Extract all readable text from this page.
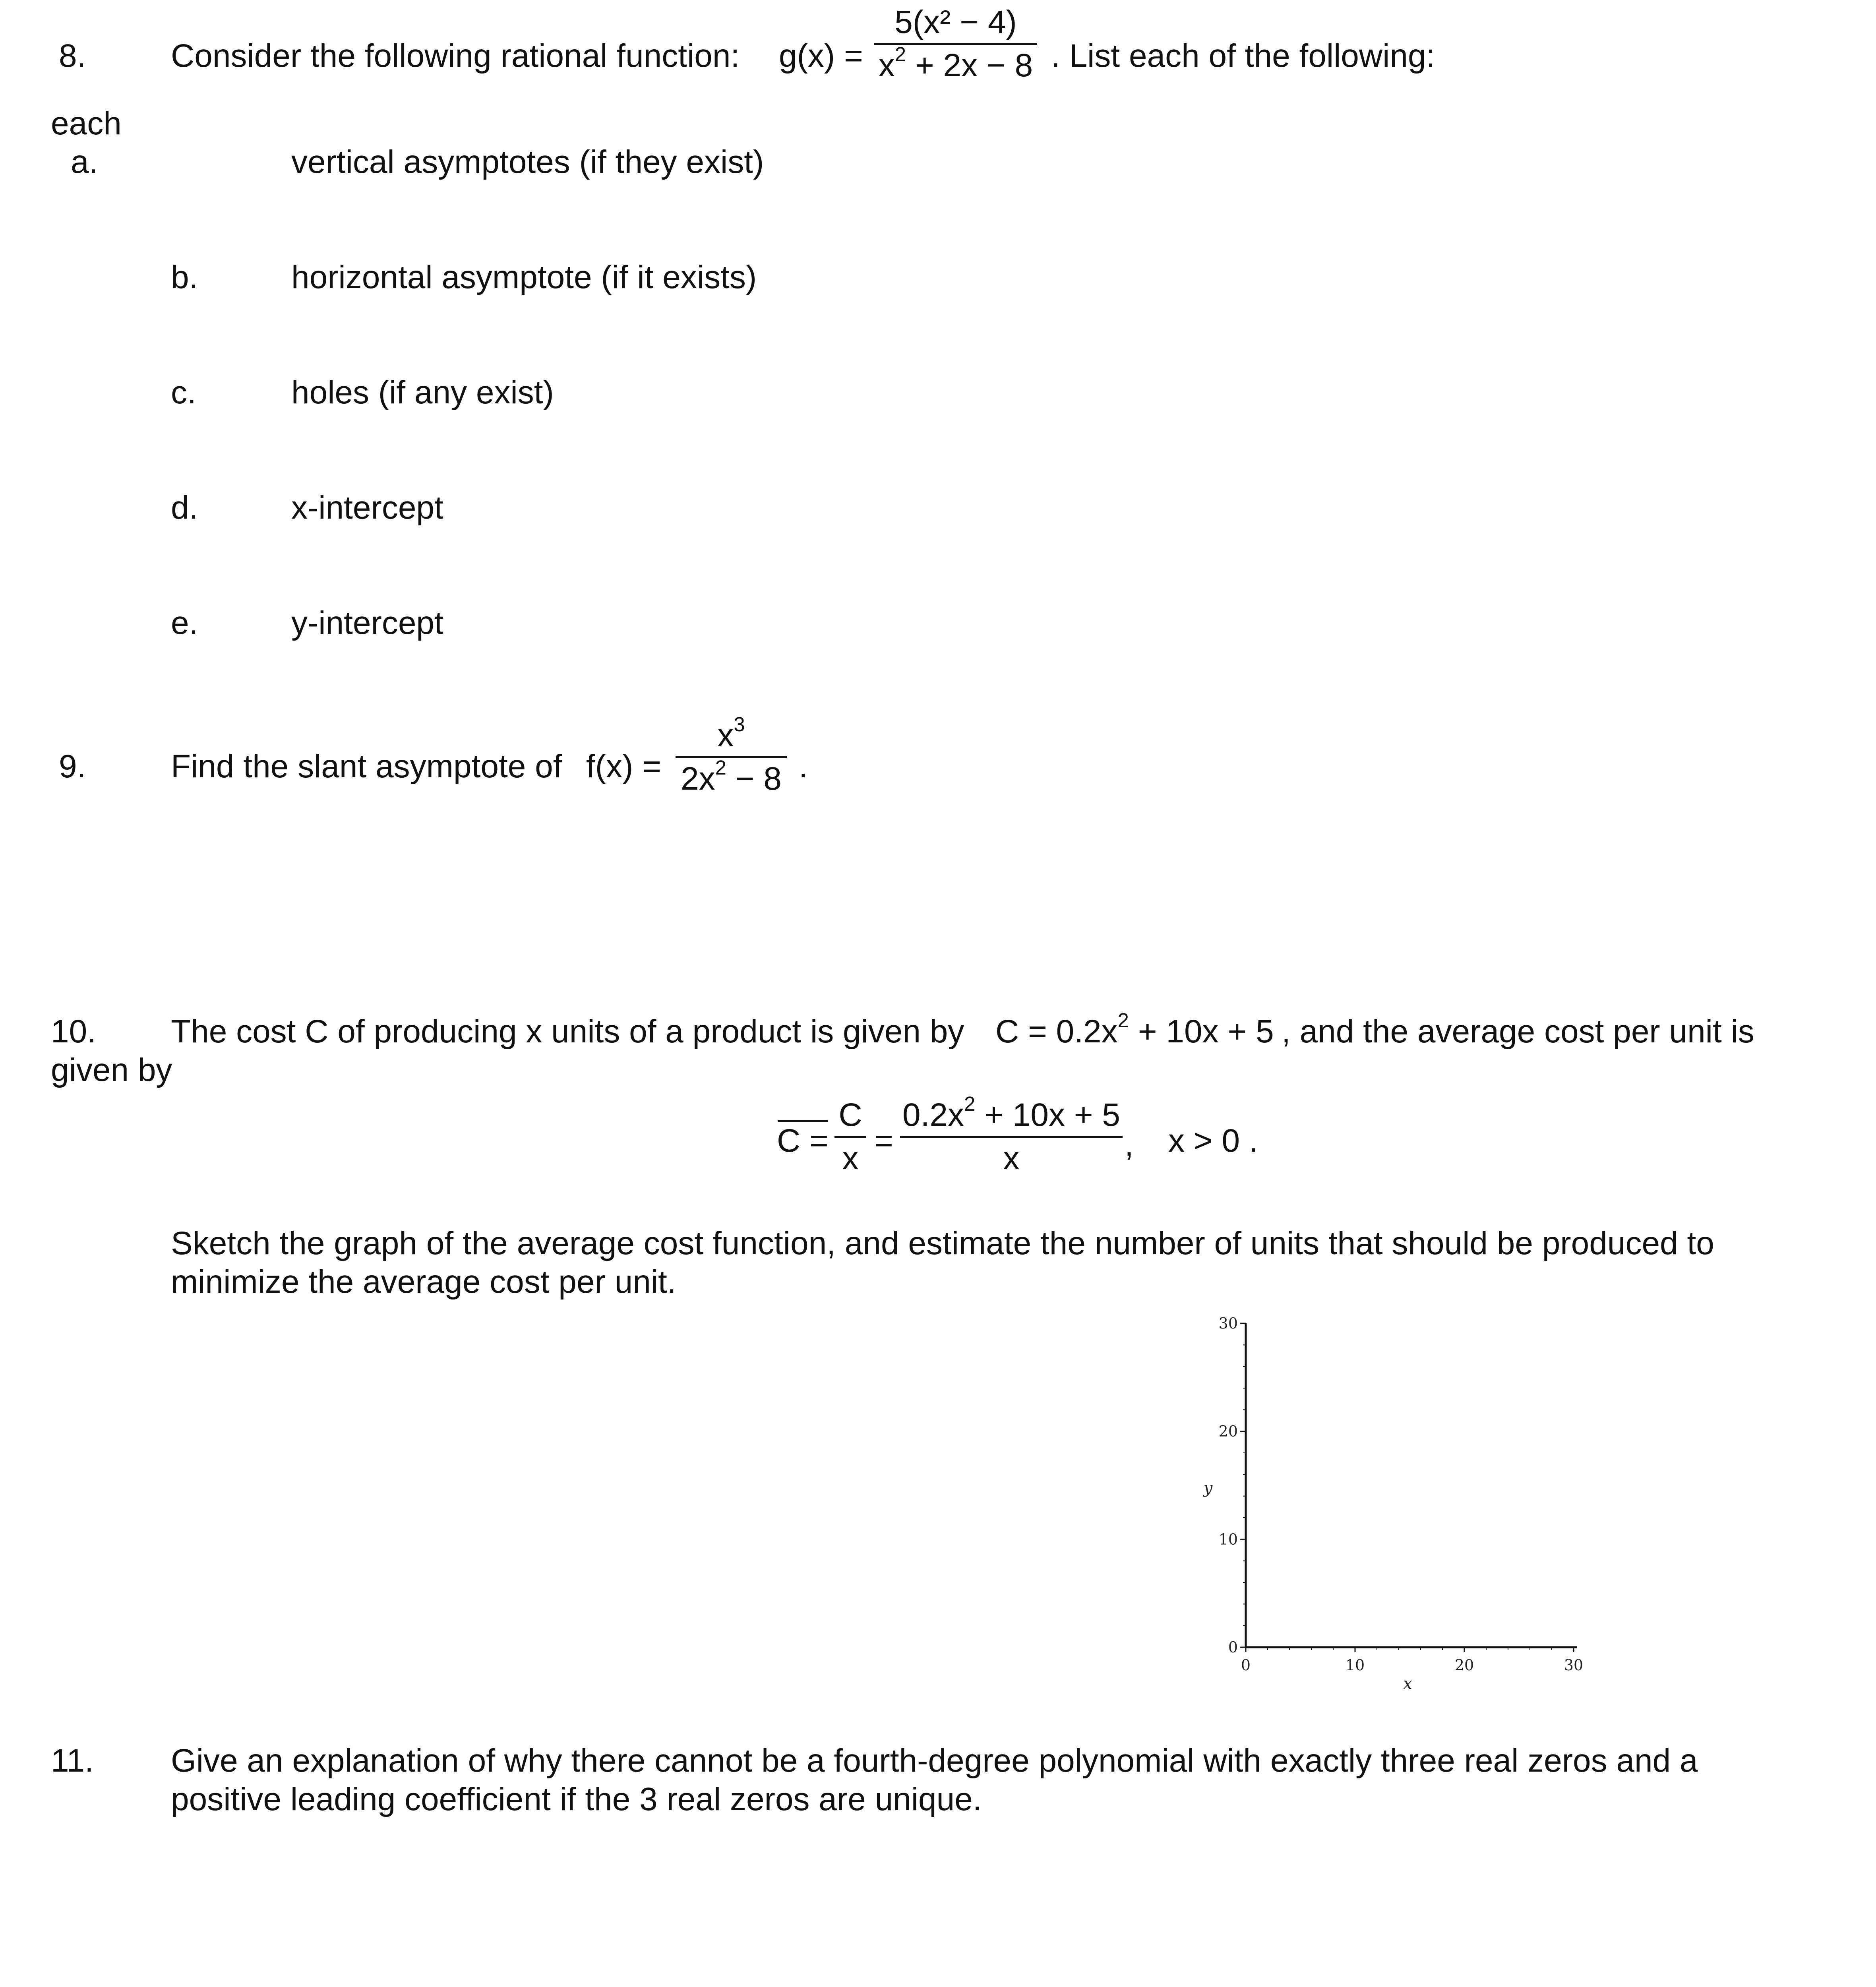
8.	Consider the following rational function: g(x) =
5(x² − 4)
$x^2 + 2x - 8$ . List each of the following:
each
a.	vertical asymptotes (if they exist)
b.	horizontal asymptote (if it exists)
c.	holes (if any exist)
d.	x-intercept
e.	y-intercept
9.	Find the slant asymptote of f(x) =
$x^3$
$2x^2 - 8$ .
10. The cost C of producing x units of a product is given by $C = 0.2x^2 + 10x + 5$ , and the average cost per unit is
given by
C =
C
x =
$0.2x^2 + 10x + 5$
x	, x > 0 .
Sketch the graph of the average cost function, and estimate the number of units that should be produced to
minimize the average cost per unit.
0	10	20	30
0
10
20
30
x
y
11. Give an explanation of why there cannot be a fourth-degree polynomial with exactly three real zeros and a
positive leading coefficient if the 3 real zeros are unique.
